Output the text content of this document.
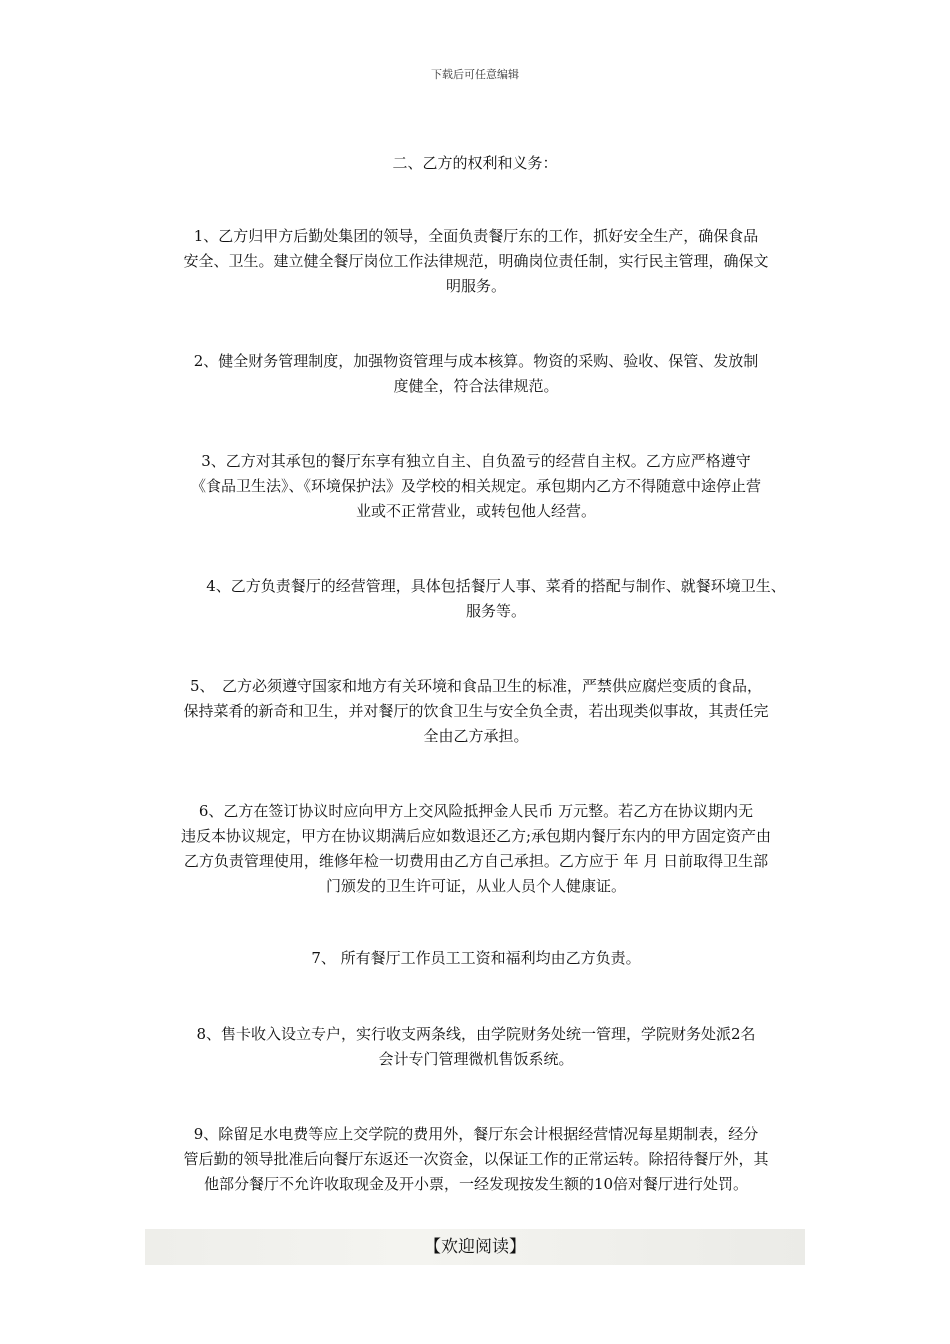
下载后可任意编辑
二、乙方的权利和义务：
1、乙方归甲方后勤处集团的领导，全面负责餐厅东的工作，抓好安全生产，确保食品
安全、卫生。建立健全餐厅岗位工作法律规范，明确岗位责任制，实行民主管理，确保文
明服务。
2、健全财务管理制度，加强物资管理与成本核算。物资的采购、验收、保管、发放制
度健全，符合法律规范。
3、乙方对其承包的餐厅东享有独立自主、自负盈亏的经营自主权。乙方应严格遵守
《食品卫生法》、《环境保护法》及学校的相关规定。承包期内乙方不得随意中途停止营
业或不正常营业，或转包他人经营。
4、乙方负责餐厅的经营管理，具体包括餐厅人事、菜肴的搭配与制作、就餐环境卫生、
服务等。
5、　乙方必须遵守国家和地方有关环境和食品卫生的标准，严禁供应腐烂变质的食品，
保持菜肴的新奇和卫生，并对餐厅的饮食卫生与安全负全责，若出现类似事故，其责任完
全由乙方承担。
6、乙方在签订协议时应向甲方上交风险抵押金人民币 万元整。若乙方在协议期内无
违反本协议规定，甲方在协议期满后应如数退还乙方;承包期内餐厅东内的甲方固定资产由
乙方负责管理使用，维修年检一切费用由乙方自己承担。乙方应于 年 月 日前取得卫生部
门颁发的卫生许可证，从业人员个人健康证。
7、 所有餐厅工作员工工资和福利均由乙方负责。
8、售卡收入设立专户，实行收支两条线，由学院财务处统一管理，学院财务处派2名
会计专门管理微机售饭系统。
9、除留足水电费等应上交学院的费用外，餐厅东会计根据经营情况每星期制表，经分
管后勤的领导批准后向餐厅东返还一次资金，以保证工作的正常运转。除招待餐厅外，其
他部分餐厅不允许收取现金及开小票，一经发现按发生额的10倍对餐厅进行处罚。
【欢迎阅读】
